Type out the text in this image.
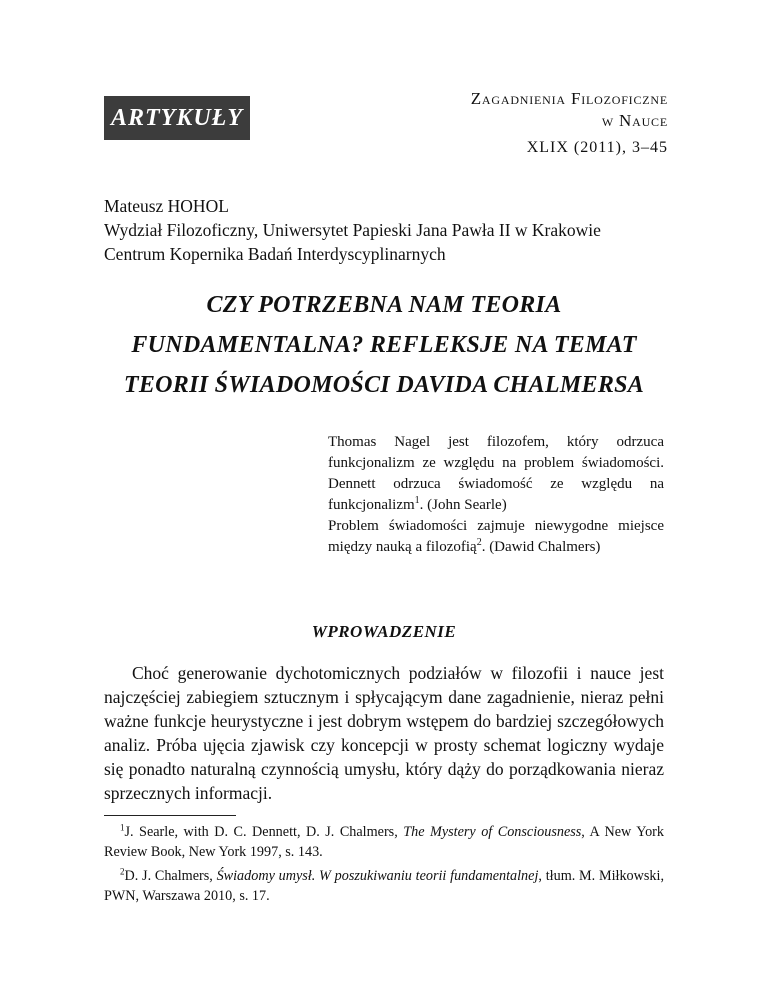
ARTYKUŁY
Zagadnienia Filozoficzne
w Nauce
XLIX (2011), 3–45
Mateusz HOHOL
Wydział Filozoficzny, Uniwersytet Papieski Jana Pawła II w Krakowie
Centrum Kopernika Badań Interdyscyplinarnych
CZY POTRZEBNA NAM TEORIA
FUNDAMENTALNA? REFLEKSJE NA TEMAT
TEORII ŚWIADOMOŚCI DAVIDA CHALMERSA
Thomas Nagel jest filozofem, który odrzuca funkcjonalizm ze względu na problem świadomości. Dennett odrzuca świadomość ze względu na funkcjonalizm$^1$. (John Searle)
Problem świadomości zajmuje niewygodne miejsce między nauką a filozofią$^2$. (Dawid Chalmers)
WPROWADZENIE
Choć generowanie dychotomicznych podziałów w filozofii i nauce jest najczęściej zabiegiem sztucznym i spłycającym dane zagadnienie, nieraz pełni ważne funkcje heurystyczne i jest dobrym wstępem do bardziej szczegółowych analiz. Próba ujęcia zjawisk czy koncepcji w prosty schemat logiczny wydaje się ponadto naturalną czynnością umysłu, który dąży do porządkowania nieraz sprzecznych informacji.

$^1$J. Searle, with D. C. Dennett, D. J. Chalmers, The Mystery of Consciousness, A New York Review Book, New York 1997, s. 143.

$^2$D. J. Chalmers, Świadomy umysł. W poszukiwaniu teorii fundamentalnej, tłum. M. Miłkowski, PWN, Warszawa 2010, s. 17.
